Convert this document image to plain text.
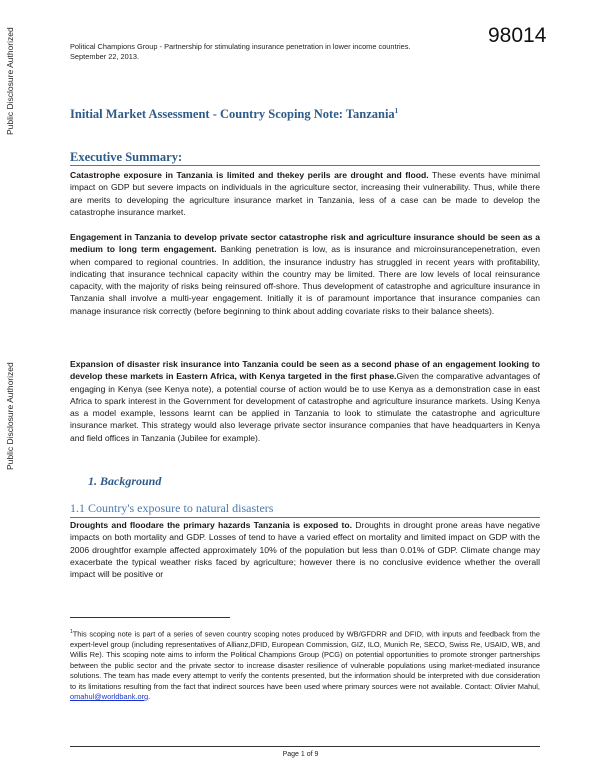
Public Disclosure Authorized
Public Disclosure Authorized
98014
Political Champions Group - Partnership for stimulating insurance penetration in lower income countries.
September 22, 2013.
Initial Market Assessment - Country Scoping Note: Tanzania$^1$
Executive Summary:
Catastrophe exposure in Tanzania is limited and thekey perils are drought and flood. These events have minimal impact on GDP but severe impacts on individuals in the agriculture sector, increasing their vulnerability. Thus, while there are merits to developing the agriculture insurance market in Tanzania, less of a case can be made to develop the catastrophe insurance market.
Engagement in Tanzania to develop private sector catastrophe risk and agriculture insurance should be seen as a medium to long term engagement. Banking penetration is low, as is insurance and microinsurancepenetration, even when compared to regional countries. In addition, the insurance industry has struggled in recent years with profitability, indicating that insurance technical capacity within the country may be limited. There are low levels of local reinsurance capacity, with the majority of risks being reinsured off-shore. Thus development of catastrophe and agriculture insurance in Tanzania shall involve a multi-year engagement. Initially it is of paramount importance that insurance companies can manage insurance risk correctly (before beginning to think about adding covariate risks to their balance sheets).
Expansion of disaster risk insurance into Tanzania could be seen as a second phase of an engagement looking to develop these markets in Eastern Africa, with Kenya targeted in the first phase.Given the comparative advantages of engaging in Kenya (see Kenya note), a potential course of action would be to use Kenya as a demonstration case in east Africa to spark interest in the Government for development of catastrophe and agriculture insurance markets. Using Kenya as a model example, lessons learnt can be applied in Tanzania to look to stimulate the catastrophe and agriculture insurance market. This strategy would also leverage private sector insurance companies that have headquarters in Kenya and field offices in Tanzania (Jubilee for example).
1. Background
1.1 Country's exposure to natural disasters
Droughts and floodare the primary hazards Tanzania is exposed to. Droughts in drought prone areas have negative impacts on both mortality and GDP. Losses of tend to have a varied effect on mortality and limited impact on GDP with the 2006 droughtfor example affected approximately 10% of the population but less than 0.01% of GDP. Climate change may exacerbate the typical weather risks faced by agriculture; however there is no conclusive evidence whether the overall impact will be positive or
$^1$This scoping note is part of a series of seven country scoping notes produced by WB/GFDRR and DFID, with inputs and feedback from the expert-level group (including representatives of Allianz,DFID, European Commission, GIZ, ILO, Munich Re, SECO, Swiss Re, USAID, WB, and Willis Re). This scoping note aims to inform the Political Champions Group (PCG) on potential opportunities to promote stronger partnerships between the public sector and the private sector to increase disaster resilience of vulnerable populations using market-mediated insurance solutions. The team has made every attempt to verify the contents presented, but the information should be interpreted with due consideration to its limitations resulting from the fact that indirect sources have been used where primary sources were not available. Contact: Olivier Mahul, omahul@worldbank.org.
Page 1 of 9
